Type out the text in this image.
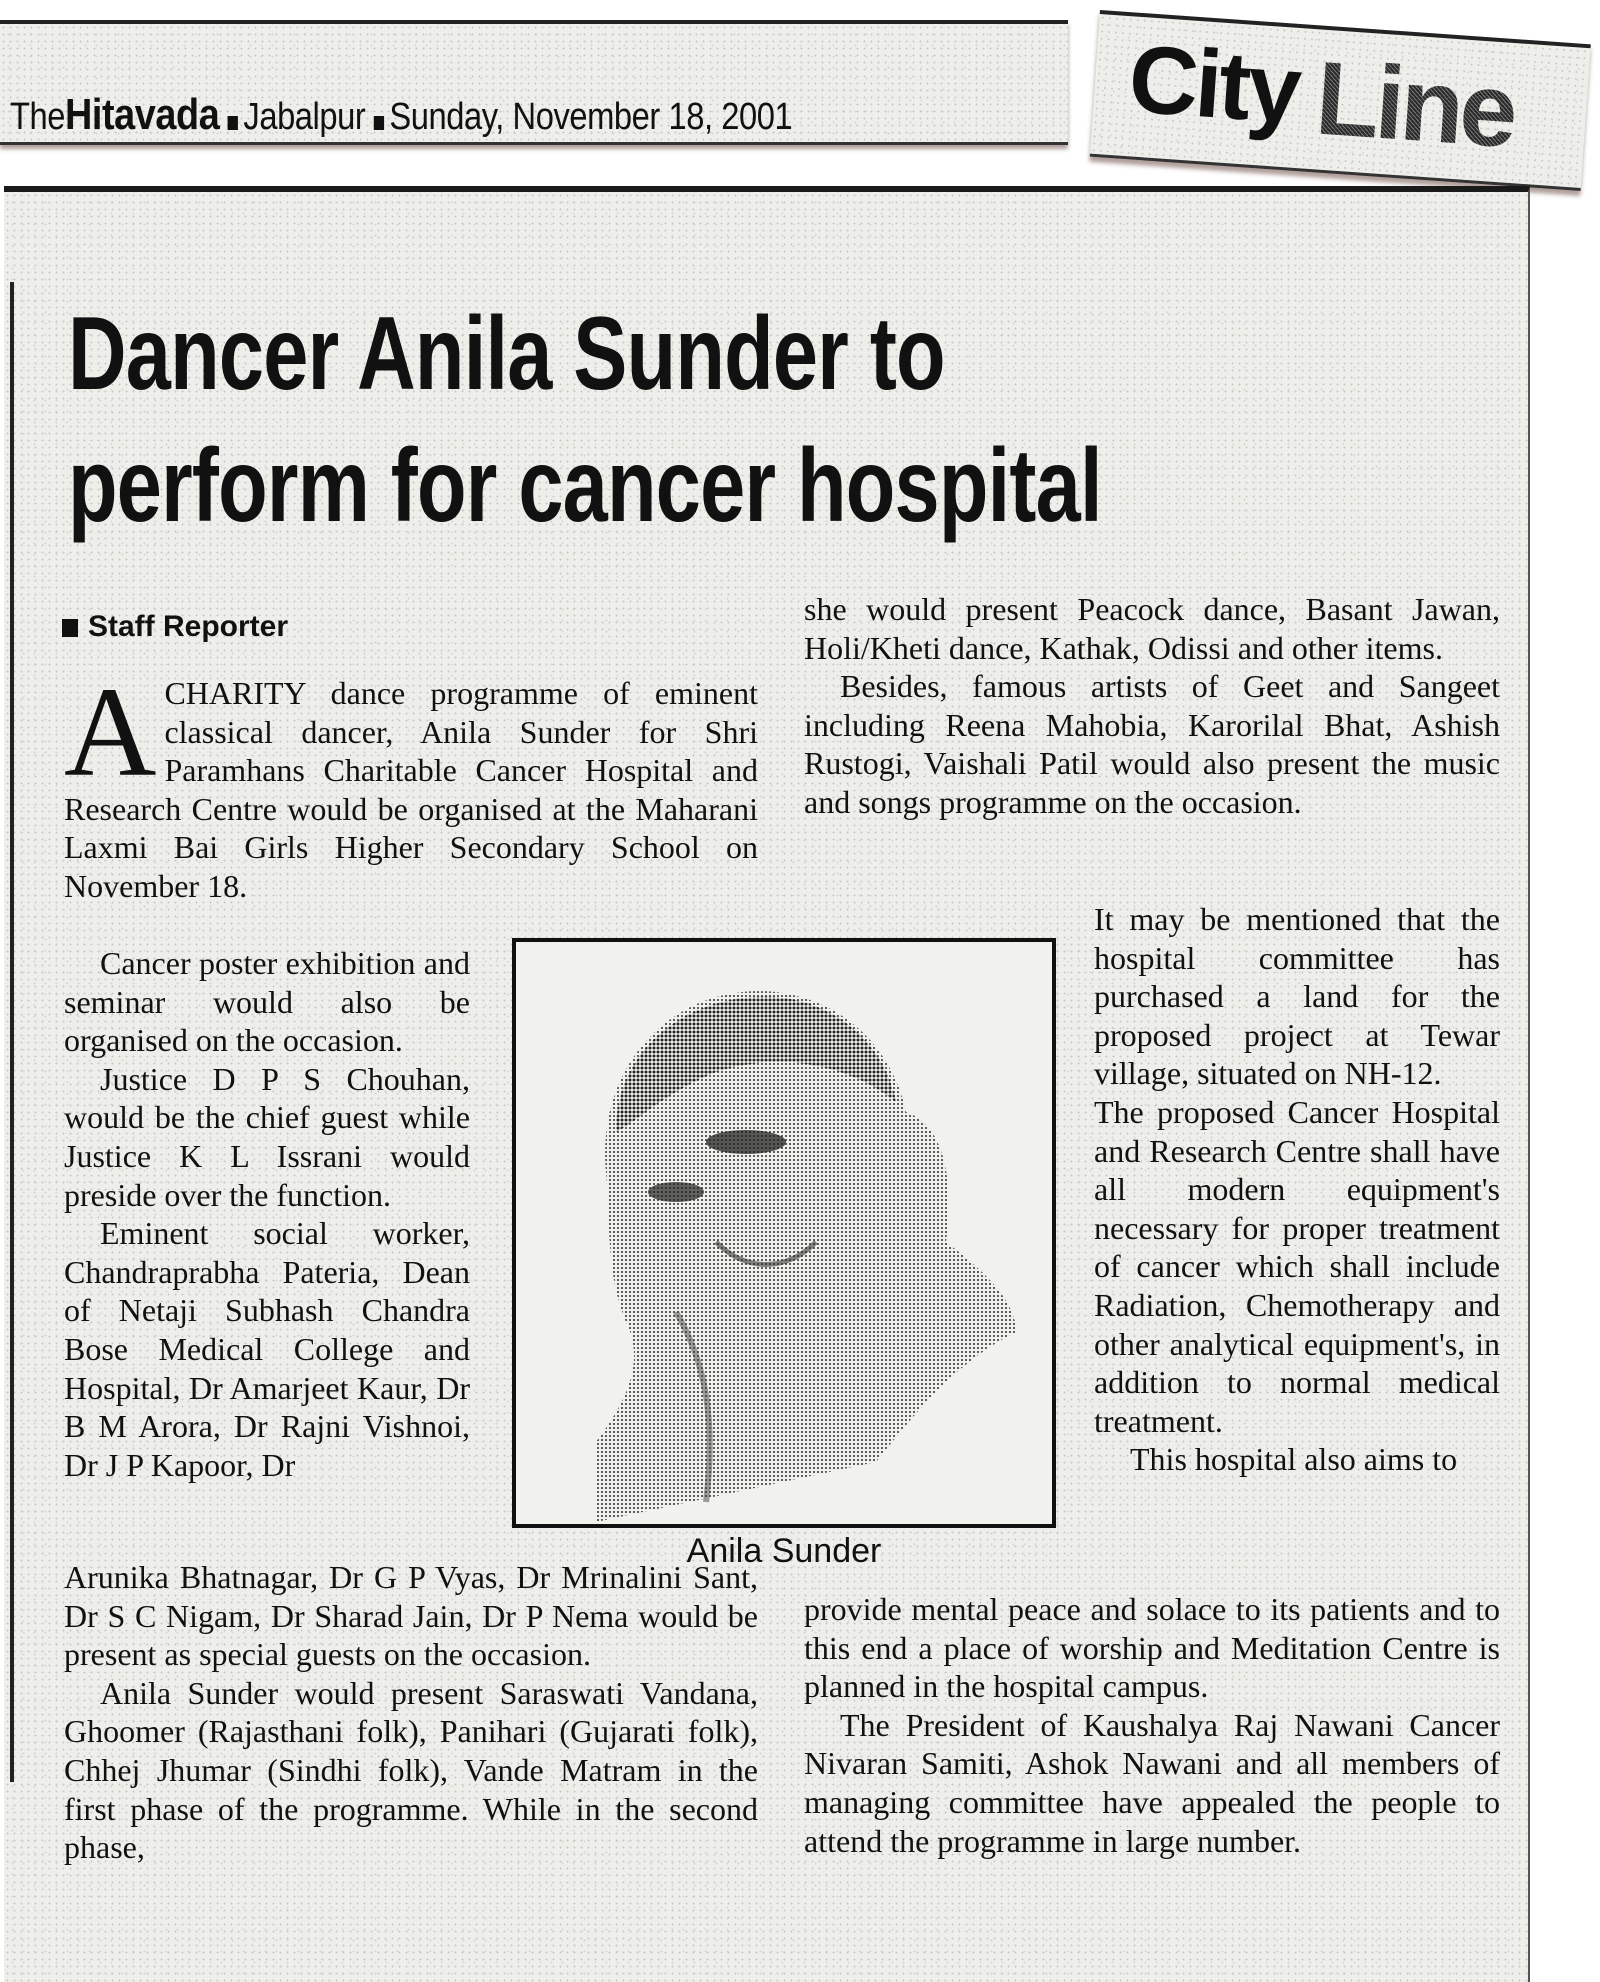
TheHitavada Jabalpur Sunday, November 18, 2001	City Line
Dancer Anila Sunder to
perform for cancer hospital
Staff Reporter

ACHARITY dance programme of eminent classical dancer, Anila Sunder for Shri Paramhans Charitable Cancer Hospital and Research Centre would be organised at the Maharani Laxmi Bai Girls Higher Secondary School on November 18.

Cancer poster exhibition and seminar would also be organised on the occasion.

Justice D P S Chouhan, would be the chief guest while Justice K L Issrani would preside over the function.

Eminent social worker, Chandraprabha Pateria, Dean of Netaji Subhash Chandra Bose Medical College and Hospital, Dr Amarjeet Kaur, Dr B M Arora, Dr Rajni Vishnoi, Dr J P Kapoor, Dr

Arunika Bhatnagar, Dr G P Vyas, Dr Mrinalini Sant, Dr S C Nigam, Dr Sharad Jain, Dr P Nema would be present as special guests on the occasion.

Anila Sunder would present Saraswati Vandana, Ghoomer (Rajasthani folk), Panihari (Gujarati folk), Chhej Jhumar (Sindhi folk), Vande Matram in the first phase of the programme. While in the second phase,

she would present Peacock dance, Basant Jawan, Holi/Kheti dance, Kathak, Odissi and other items.

Besides, famous artists of Geet and Sangeet including Reena Mahobia, Karorilal Bhat, Ashish Rustogi, Vaishali Patil would also present the music and songs programme on the occasion.

It may be mentioned that the hospital committee has purchased a land for the proposed project at Tewar village, situated on NH-12.

The proposed Cancer Hospital and Research Centre shall have all modern equipment's necessary for proper treatment of cancer which shall include Radiation, Chemotherapy and other analytical equipment's, in addition to normal medical treatment.

This hospital also aims to

provide mental peace and solace to its patients and to this end a place of worship and Meditation Centre is planned in the hospital campus.

The President of Kaushalya Raj Nawani Cancer Nivaran Samiti, Ashok Nawani and all members of managing committee have appealed the people to attend the programme in large number.

Anila Sunder
